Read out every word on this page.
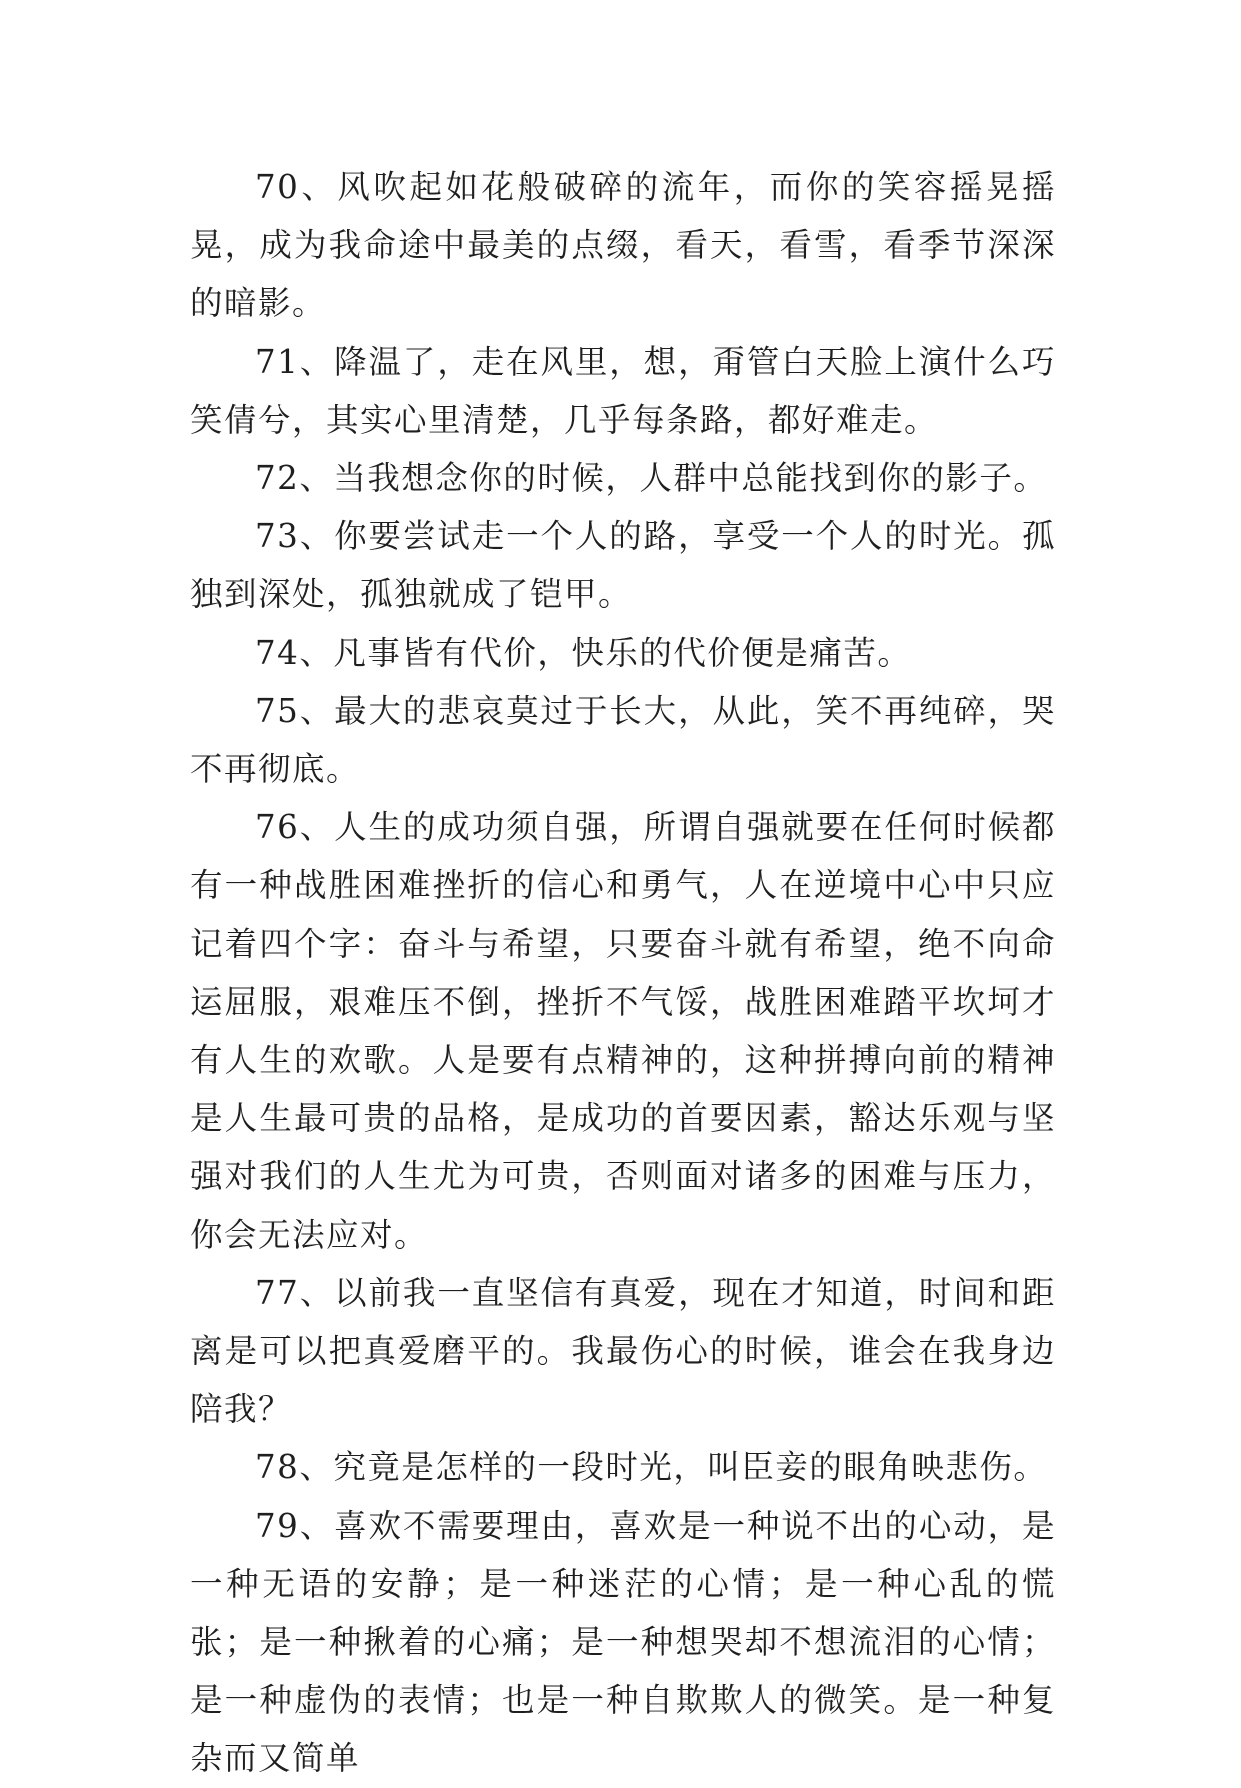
70、风吹起如花般破碎的流年，而你的笑容摇晃摇晃，成为我命途中最美的点缀，看天，看雪，看季节深深的暗影。

71、降温了，走在风里，想，甭管白天脸上演什么巧笑倩兮，其实心里清楚，几乎每条路，都好难走。

72、当我想念你的时候，人群中总能找到你的影子。

73、你要尝试走一个人的路，享受一个人的时光。孤独到深处，孤独就成了铠甲。

74、凡事皆有代价，快乐的代价便是痛苦。

75、最大的悲哀莫过于长大，从此，笑不再纯碎，哭不再彻底。

76、人生的成功须自强，所谓自强就要在任何时候都有一种战胜困难挫折的信心和勇气，人在逆境中心中只应记着四个字：奋斗与希望，只要奋斗就有希望，绝不向命运屈服，艰难压不倒，挫折不气馁，战胜困难踏平坎坷才有人生的欢歌。人是要有点精神的，这种拼搏向前的精神是人生最可贵的品格，是成功的首要因素，豁达乐观与坚强对我们的人生尤为可贵，否则面对诸多的困难与压力，你会无法应对。

77、以前我一直坚信有真爱，现在才知道，时间和距离是可以把真爱磨平的。我最伤心的时候，谁会在我身边陪我？

78、究竟是怎样的一段时光，叫臣妾的眼角映悲伤。

79、喜欢不需要理由，喜欢是一种说不出的心动，是一种无语的安静；是一种迷茫的心情；是一种心乱的慌张；是一种揪着的心痛；是一种想哭却不想流泪的心情；是一种虚伪的表情；也是一种自欺欺人的微笑。是一种复杂而又简单
